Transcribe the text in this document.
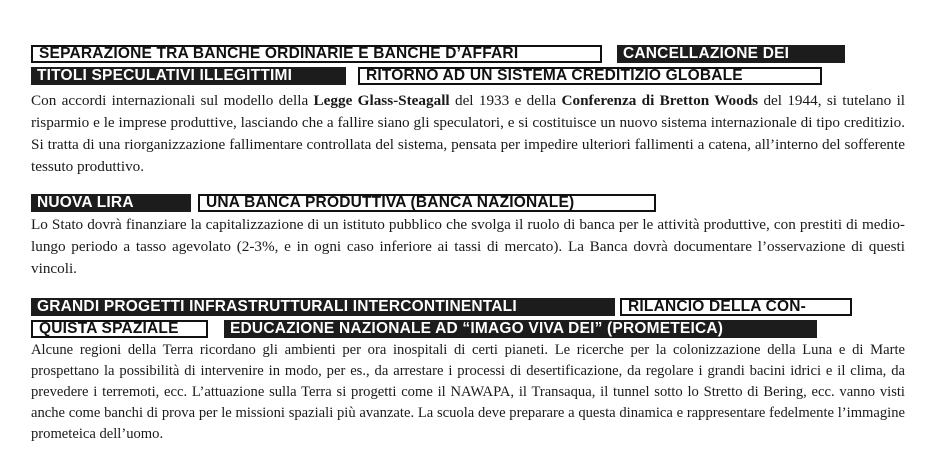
SEPARAZIONE TRA BANCHE ORDINARIE E BANCHE D’AFFARI	CANCELLAZIONE DEI
TITOLI SPECULATIVI ILLEGITTIMI	RITORNO AD UN SISTEMA CREDITIZIO GLOBALE

Con accordi internazionali sul modello della Legge Glass-Steagall del 1933 e della Conferenza di Bretton Woods del 1944, si tutelano il risparmio e le imprese produttive, lasciando che a fallire siano gli speculatori, e si costituisce un nuovo sistema internazionale di tipo creditizio. Si tratta di una riorganizzazione fallimentare controllata del sistema, pensata per impedire ulteriori fallimenti a catena, all’interno del sofferente tessuto produttivo.

NUOVA LIRA	UNA BANCA PRODUTTIVA (BANCA NAZIONALE)

Lo Stato dovrà finanziare la capitalizzazione di un istituto pubblico che svolga il ruolo di banca per le attività produttive, con prestiti di medio-lungo periodo a tasso agevolato (2-3%, e in ogni caso inferiore ai tassi di mercato). La Banca dovrà documentare l’osservazione di questi vincoli.

GRANDI PROGETTI INFRASTRUTTURALI INTERCONTINENTALI	RILANCIO DELLA CON-
QUISTA SPAZIALE	EDUCAZIONE NAZIONALE AD “IMAGO VIVA DEI” (PROMETEICA)

Alcune regioni della Terra ricordano gli ambienti per ora inospitali di certi pianeti. Le ricerche per la colonizzazione della Luna e di Marte prospettano la possibilità di intervenire in modo, per es., da arrestare i processi di desertificazione, da regolare i grandi bacini idrici e il clima, da prevedere i terremoti, ecc. L’attuazione sulla Terra si progetti come il NAWAPA, il Transaqua, il tunnel sotto lo Stretto di Bering, ecc. vanno visti anche come banchi di prova per le missioni spaziali più avanzate. La scuola deve preparare a questa dinamica e rappresentare fedelmente l’immagine prometeica dell’uomo.
